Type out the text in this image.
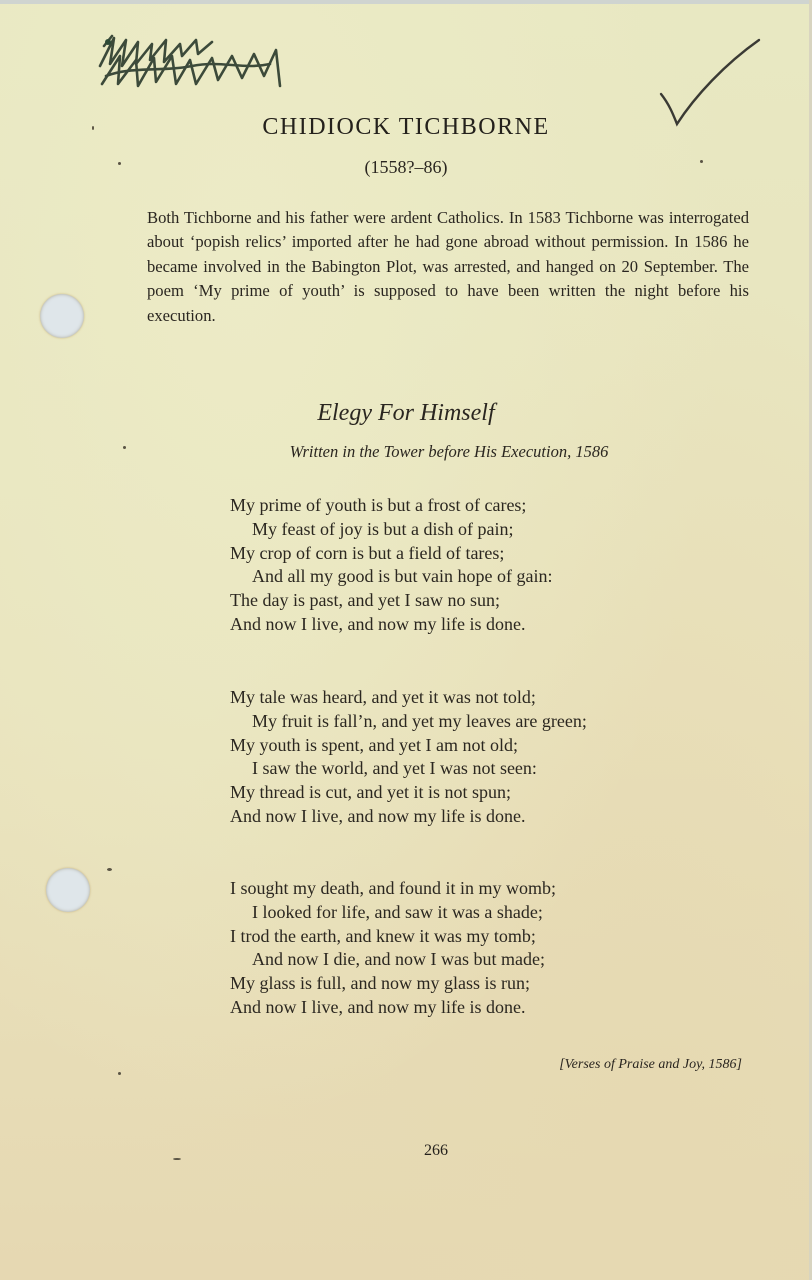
CHIDIOCK TICHBORNE
(1558?–86)
Both Tichborne and his father were ardent Catholics. In 1583 Tichborne was interrogated about ‘popish relics’ imported after he had gone abroad without permission. In 1586 he became involved in the Babington Plot, was arrested, and hanged on 20 September. The poem ‘My prime of youth’ is supposed to have been written the night before his execution.
Elegy For Himself
Written in the Tower before His Execution, 1586
My prime of youth is but a frost of cares;
My feast of joy is but a dish of pain;
My crop of corn is but a field of tares;
And all my good is but vain hope of gain:
The day is past, and yet I saw no sun;
And now I live, and now my life is done.
My tale was heard, and yet it was not told;
My fruit is fall’n, and yet my leaves are green;
My youth is spent, and yet I am not old;
I saw the world, and yet I was not seen:
My thread is cut, and yet it is not spun;
And now I live, and now my life is done.
I sought my death, and found it in my womb;
I looked for life, and saw it was a shade;
I trod the earth, and knew it was my tomb;
And now I die, and now I was but made;
My glass is full, and now my glass is run;
And now I live, and now my life is done.
[Verses of Praise and Joy, 1586]
266
